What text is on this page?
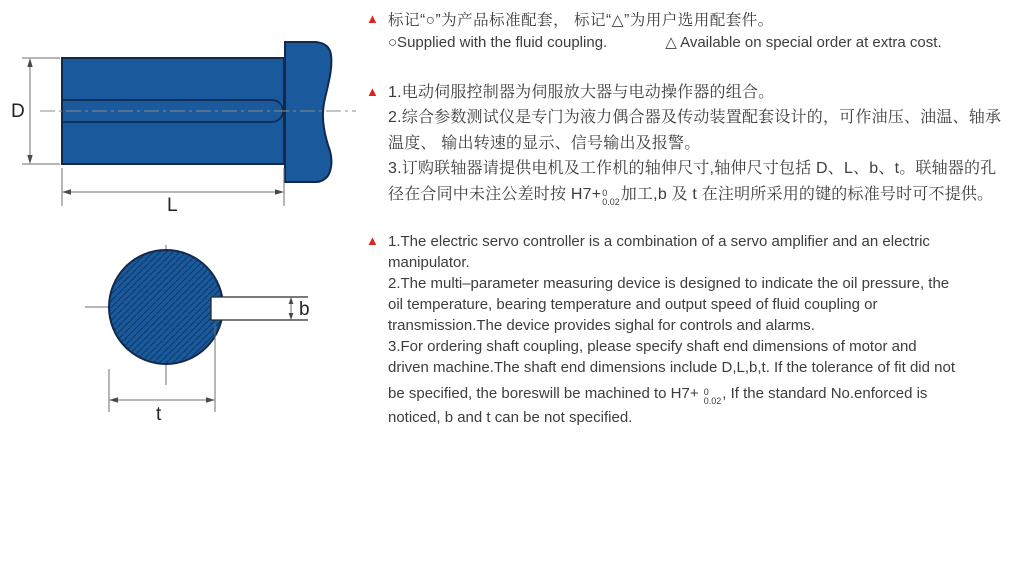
D
L
b
t
▲ 标记“○”为产品标准配套， 标记“△”为用户选用配套件。
○Supplied with the fluid coupling.	△ Available on special order at extra cost.
▲ 1.电动伺服控制器为伺服放大器与电动操作器的组合。
2.综合参数测试仪是专门为液力偶合器及传动装置配套设计的，可作油压、油温、轴承
温度、 输出转速的显示、信号输出及报警。
3.订购联轴器请提供电机及工作机的轴伸尺寸,轴伸尺寸包括 D、L、b、t。联轴器的孔
径在合同中未注公差时按 H7+ 0
0.02 加工,b 及 t 在注明所采用的键的标准号时可不提供。
▲ 1.The electric servo controller is a combination of a servo amplifier and an electric
manipulator.
2.The multi–parameter measuring device is designed to indicate the oil pressure, the
oil temperature, bearing temperature and output speed of fluid coupling or
transmission.The device provides sighal for controls and alarms.
3.For ordering shaft coupling, please specify shaft end dimensions of motor and
driven machine.The shaft end dimensions include D,L,b,t. If the tolerance of fit did not
be specified, the boreswill be machined to H7+ 0
0.02 , If the standard No.enforced is
noticed, b and t can be not specified.
